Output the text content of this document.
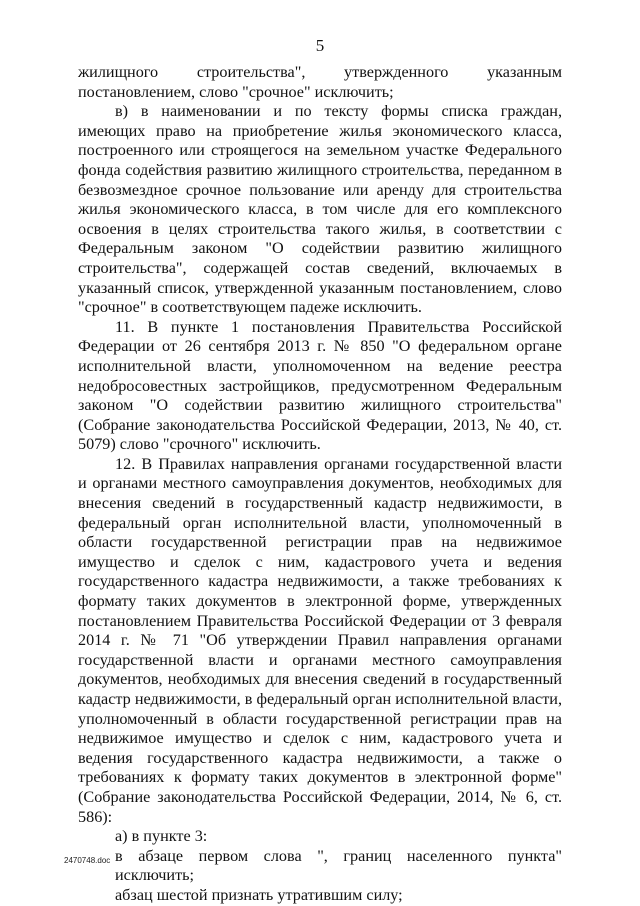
5

жилищного строительства", утвержденного указанным постановлением, слово "срочное" исключить;

в) в наименовании и по тексту формы списка граждан, имеющих право на приобретение жилья экономического класса, построенного или строящегося на земельном участке Федерального фонда содействия развитию жилищного строительства, переданном в безвозмездное срочное пользование или аренду для строительства жилья экономического класса, в том числе для его комплексного освоения в целях строительства такого жилья, в соответствии с Федеральным законом "О содействии развитию жилищного строительства", содержащей состав сведений, включаемых в указанный список, утвержденной указанным постановлением, слово "срочное" в соответствующем падеже исключить.

11. В пункте 1 постановления Правительства Российской Федерации от 26 сентября 2013 г. № 850 "О федеральном органе исполнительной власти, уполномоченном на ведение реестра недобросовестных застройщиков, предусмотренном Федеральным законом "О содействии развитию жилищного строительства" (Собрание законодательства Российской Федерации, 2013, № 40, ст. 5079) слово "срочного" исключить.

12. В Правилах направления органами государственной власти и органами местного самоуправления документов, необходимых для внесения сведений в государственный кадастр недвижимости, в федеральный орган исполнительной власти, уполномоченный в области государственной регистрации прав на недвижимое имущество и сделок с ним, кадастрового учета и ведения государственного кадастра недвижимости, а также требованиях к формату таких документов в электронной форме, утвержденных постановлением Правительства Российской Федерации от 3 февраля 2014 г. № 71 "Об утверждении Правил направления органами государственной власти и органами местного самоуправления документов, необходимых для внесения сведений в государственный кадастр недвижимости, в федеральный орган исполнительной власти, уполномоченный в области государственной регистрации прав на недвижимое имущество и сделок с ним, кадастрового учета и ведения государственного кадастра недвижимости, а также о требованиях к формату таких документов в электронной форме" (Собрание законодательства Российской Федерации, 2014, № 6, ст. 586):

а) в пункте 3:

в абзаце первом слова ", границ населенного пункта" исключить;

абзац шестой признать утратившим силу;

2470748.doc
